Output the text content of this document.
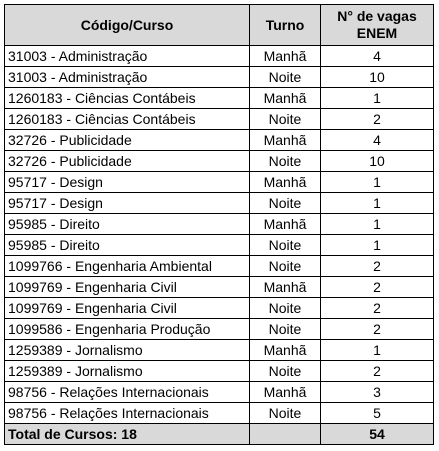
Código/Curso	Turno	N° de vagas
ENEM
31003 - Administração	Manhã	4
31003 - Administração	Noite	10
1260183 - Ciências Contábeis	Manhã	1
1260183 - Ciências Contábeis	Noite	2
32726 - Publicidade	Manhã	4
32726 - Publicidade	Noite	10
95717 - Design	Manhã	1
95717 - Design	Noite	1
95985 - Direito	Manhã	1
95985 - Direito	Noite	1
1099766 - Engenharia Ambiental	Noite	2
1099769 - Engenharia Civil	Manhã	2
1099769 - Engenharia Civil	Noite	2
1099586 - Engenharia Produção	Noite	2
1259389 - Jornalismo	Manhã	1
1259389 - Jornalismo	Noite	2
98756 - Relações Internacionais	Manhã	3
98756 - Relações Internacionais	Noite	5
Total de Cursos: 18		54
